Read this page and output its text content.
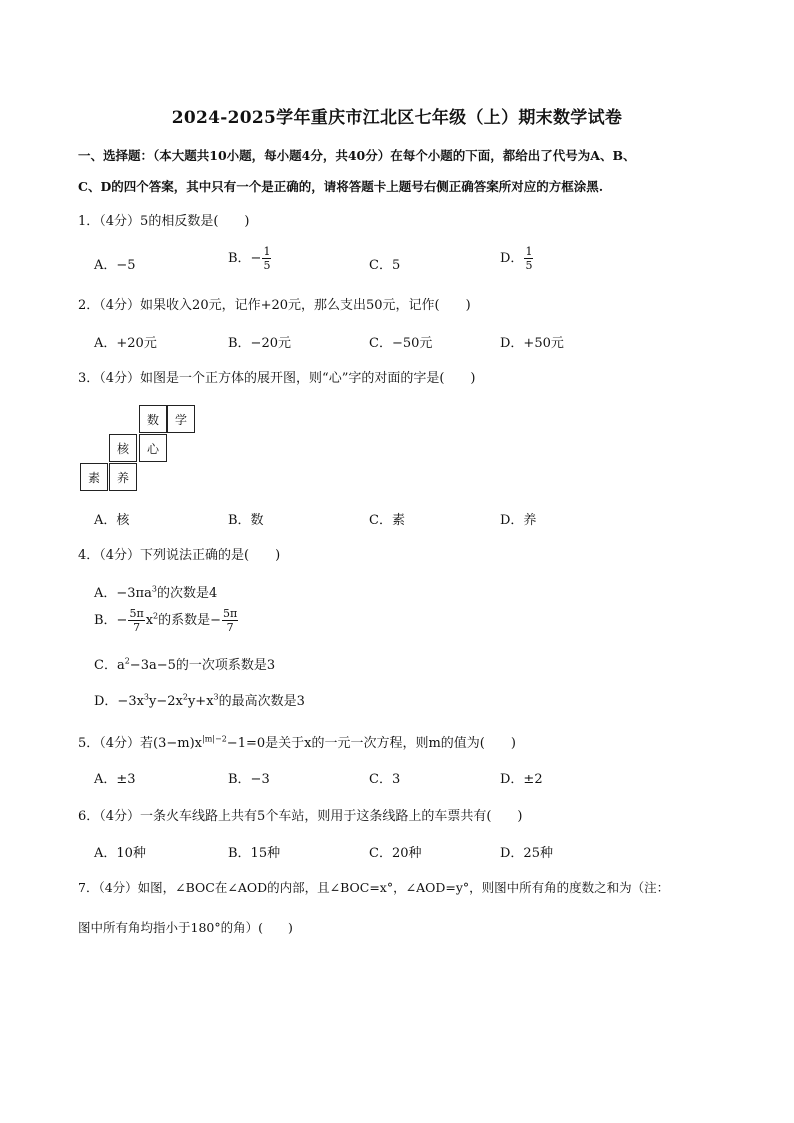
2024-2025学年重庆市江北区七年级（上）期末数学试卷
一、选择题：（本大题共10小题，每小题4分，共40分）在每个小题的下面，都给出了代号为A、B、
C、D的四个答案，其中只有一个是正确的，请将答题卡上题号右侧正确答案所对应的方框涂黑.
1．（4分）5的相反数是(　　)
A．−5	B．− $\frac{1}{5}$	C．5	D． $\frac{1}{5}$
2．（4分）如果收入20元，记作+20元，那么支出50元，记作(　　)
A．+20元	B．−20元	C．−50元	D．+50元
3．（4分）如图是一个正方体的展开图，则“心”字的对面的字是(　　)
数	学
核	心
素	养
A．核	B．数	C．素	D．养
4．（4分）下列说法正确的是(　　)
A．$-3\pi a^3$的次数是4
B．− $\frac{5\pi}{7} x^2$的系数是− $\frac{5\pi}{7}$
C．$a^2-3a-5$的一次项系数是3
D．$-3x^3y-2x^2y+x^3$的最高次数是3
5．（4分）若$(3-m)x^{|m|-2}-1=0$是关于x的一元一次方程，则m的值为(　　)
A．±3	B．−3	C．3	D．±2
6．（4分）一条火车线路上共有5个车站，则用于这条线路上的车票共有(　　)
A．10种	B．15种	C．20种	D．25种
7．（4分）如图，∠BOC在∠AOD的内部，且∠BOC=x°，∠AOD=y°，则图中所有角的度数之和为（注：
图中所有角均指小于180°的角）(　　)
